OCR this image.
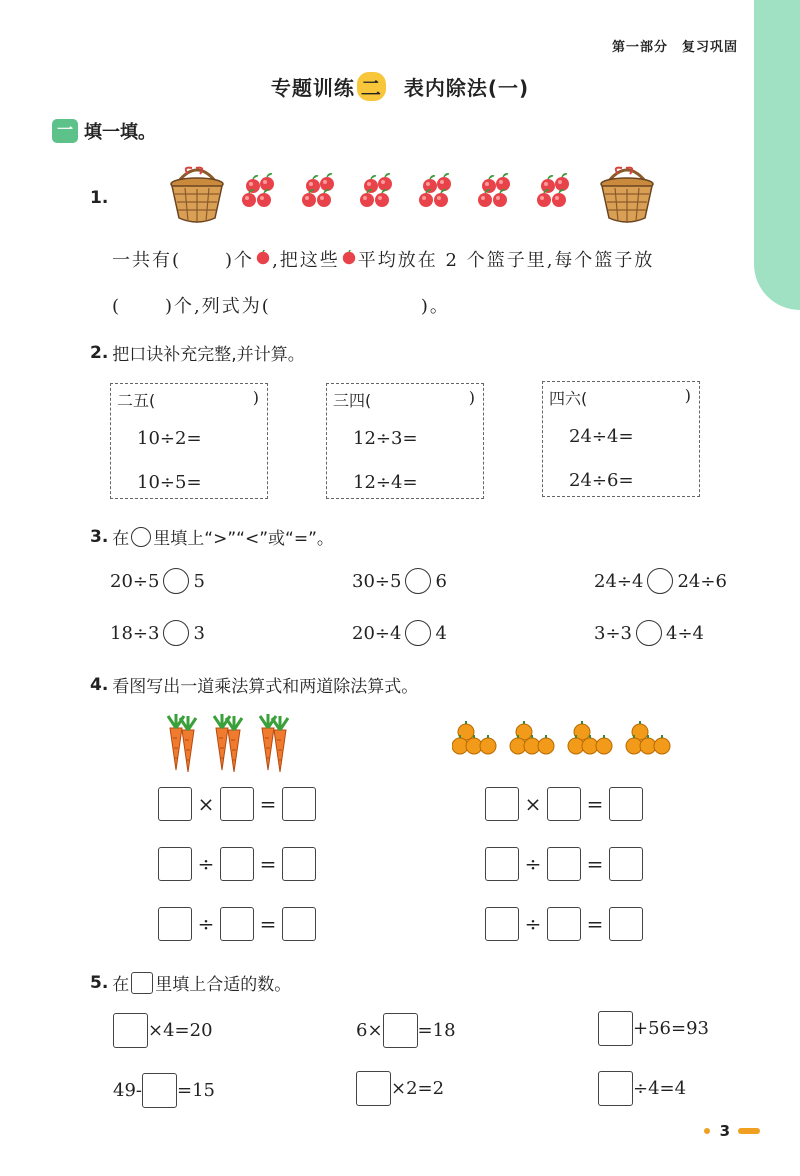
第一部分 复习巩固
专题训练 二 表内除法(一)
一 填一填。
1.
一共有( )个 ,把这些 平均放在 2 个篮子里,每个篮子放
( )个,列式为(	)。
2. 把口诀补充完整,并计算。
二五(	)
10÷2=
10÷5=
三四(	)
12÷3=
12÷4=
四六(	)
24÷4=
24÷6=
3. 在 里填上“>”“<”或“=”。
20÷5 5	30÷5 6	24÷4 24÷6
18÷3 3	20÷4 4	3÷3 4÷4
4. 看图写出一道乘法算式和两道除法算式。
× =
÷ =
÷ =
× =
÷ =
÷ =
5. 在 里填上合适的数。
×4=20	6× =18	+56=93
49- =15	×2=2	÷4=4
3
